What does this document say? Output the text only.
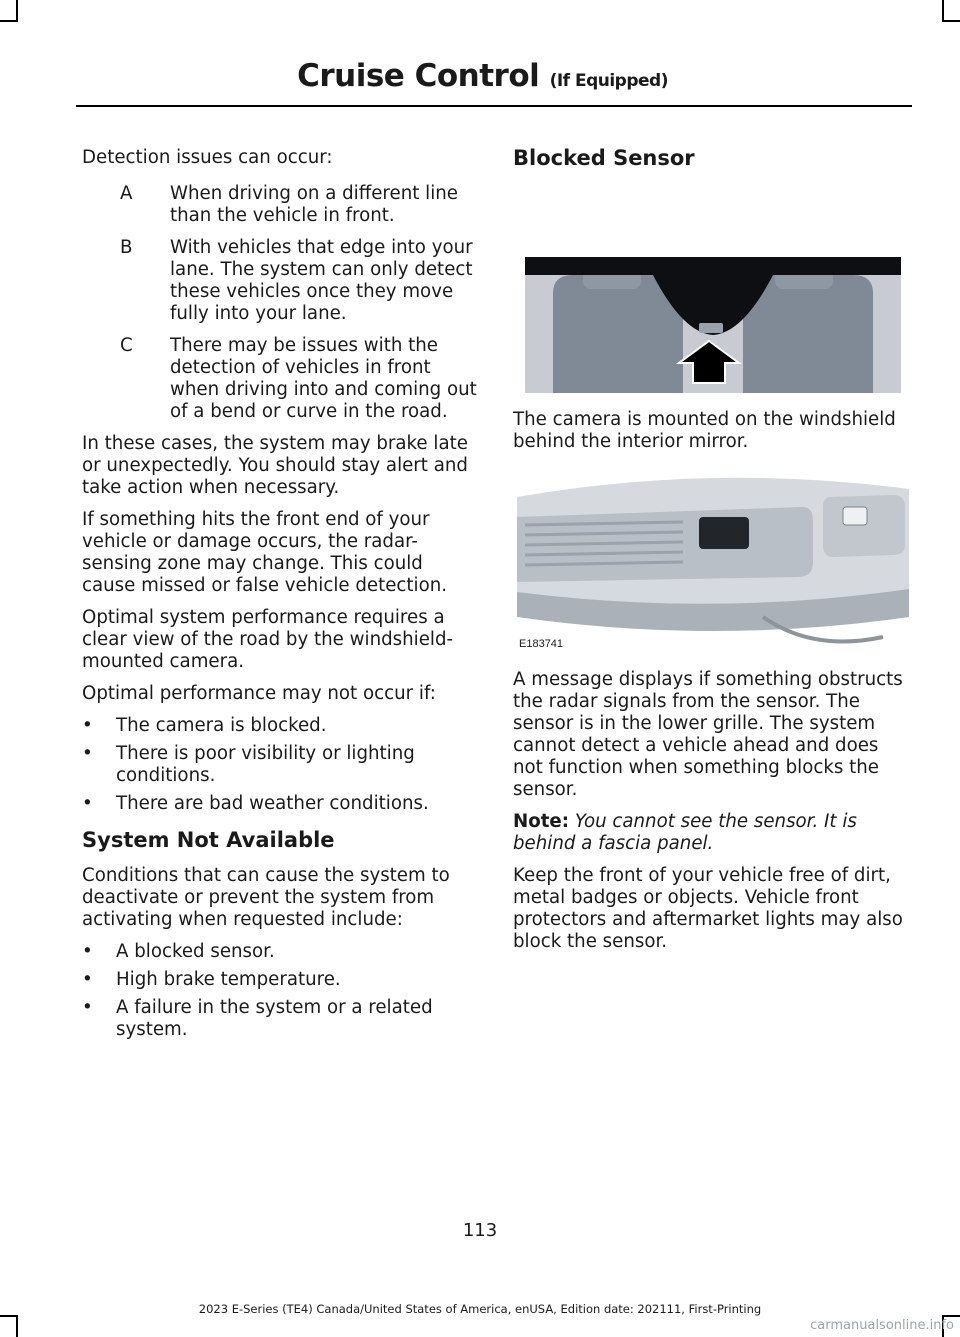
Cruise Control (If Equipped)

Detection issues can occur:

A When driving on a different line than the vehicle in front.
B With vehicles that edge into your lane. The system can only detect these vehicles once they move fully into your lane.
C There may be issues with the detection of vehicles in front when driving into and coming out of a bend or curve in the road.

In these cases, the system may brake late or unexpectedly. You should stay alert and take action when necessary.

If something hits the front end of your vehicle or damage occurs, the radar-sensing zone may change. This could cause missed or false vehicle detection.

Optimal system performance requires a clear view of the road by the windshield-mounted camera.

Optimal performance may not occur if:

• The camera is blocked.
• There is poor visibility or lighting conditions.
• There are bad weather conditions.
System Not Available

Conditions that can cause the system to deactivate or prevent the system from activating when requested include:

• A blocked sensor.
• High brake temperature.
• A failure in the system or a related system.
Blocked Sensor

The camera is mounted on the windshield behind the interior mirror.

E183741

A message displays if something obstructs the radar signals from the sensor. The sensor is in the lower grille. The system cannot detect a vehicle ahead and does not function when something blocks the sensor.

Note: You cannot see the sensor. It is behind a fascia panel.

Keep the front of your vehicle free of dirt, metal badges or objects. Vehicle front protectors and aftermarket lights may also block the sensor.

113
2023 E-Series (TE4) Canada/United States of America, enUSA, Edition date: 202111, First-Printing
carmanualsonline.info
